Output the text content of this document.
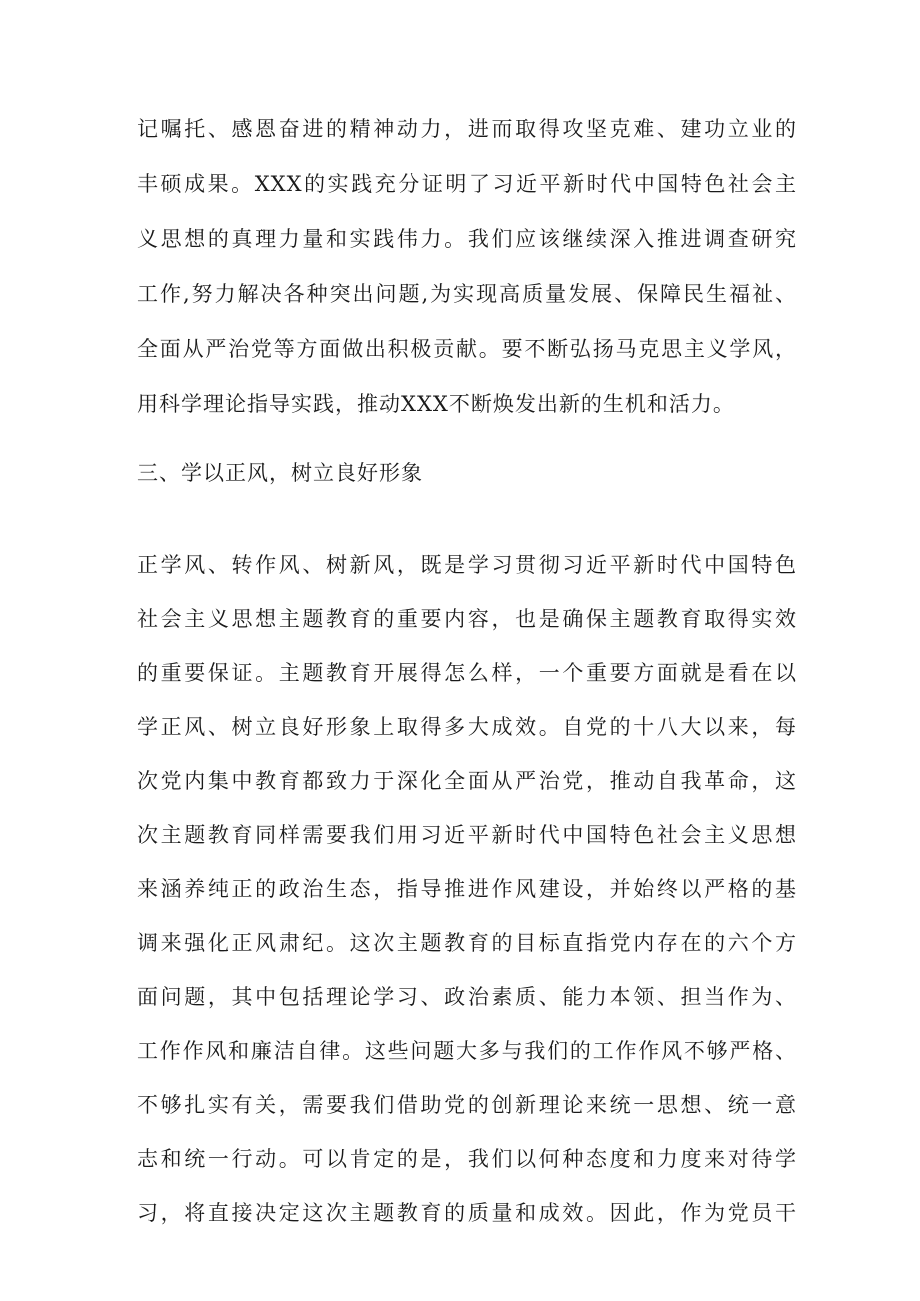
记嘱托、感恩奋进的精神动力，进而取得攻坚克难、建功立业的
丰硕成果。XXX的实践充分证明了习近平新时代中国特色社会主
义思想的真理力量和实践伟力。我们应该继续深入推进调查研究
工作,努力解决各种突出问题,为实现高质量发展、保障民生福祉、
全面从严治党等方面做出积极贡献。要不断弘扬马克思主义学风，
用科学理论指导实践，推动XXX不断焕发出新的生机和活力。
三、学以正风，树立良好形象
正学风、转作风、树新风，既是学习贯彻习近平新时代中国特色
社会主义思想主题教育的重要内容，也是确保主题教育取得实效
的重要保证。主题教育开展得怎么样，一个重要方面就是看在以
学正风、树立良好形象上取得多大成效。自党的十八大以来，每
次党内集中教育都致力于深化全面从严治党，推动自我革命，这
次主题教育同样需要我们用习近平新时代中国特色社会主义思想
来涵养纯正的政治生态，指导推进作风建设，并始终以严格的基
调来强化正风肃纪。这次主题教育的目标直指党内存在的六个方
面问题，其中包括理论学习、政治素质、能力本领、担当作为、
工作作风和廉洁自律。这些问题大多与我们的工作作风不够严格、
不够扎实有关，需要我们借助党的创新理论来统一思想、统一意
志和统一行动。可以肯定的是，我们以何种态度和力度来对待学
习，将直接决定这次主题教育的质量和成效。因此，作为党员干
